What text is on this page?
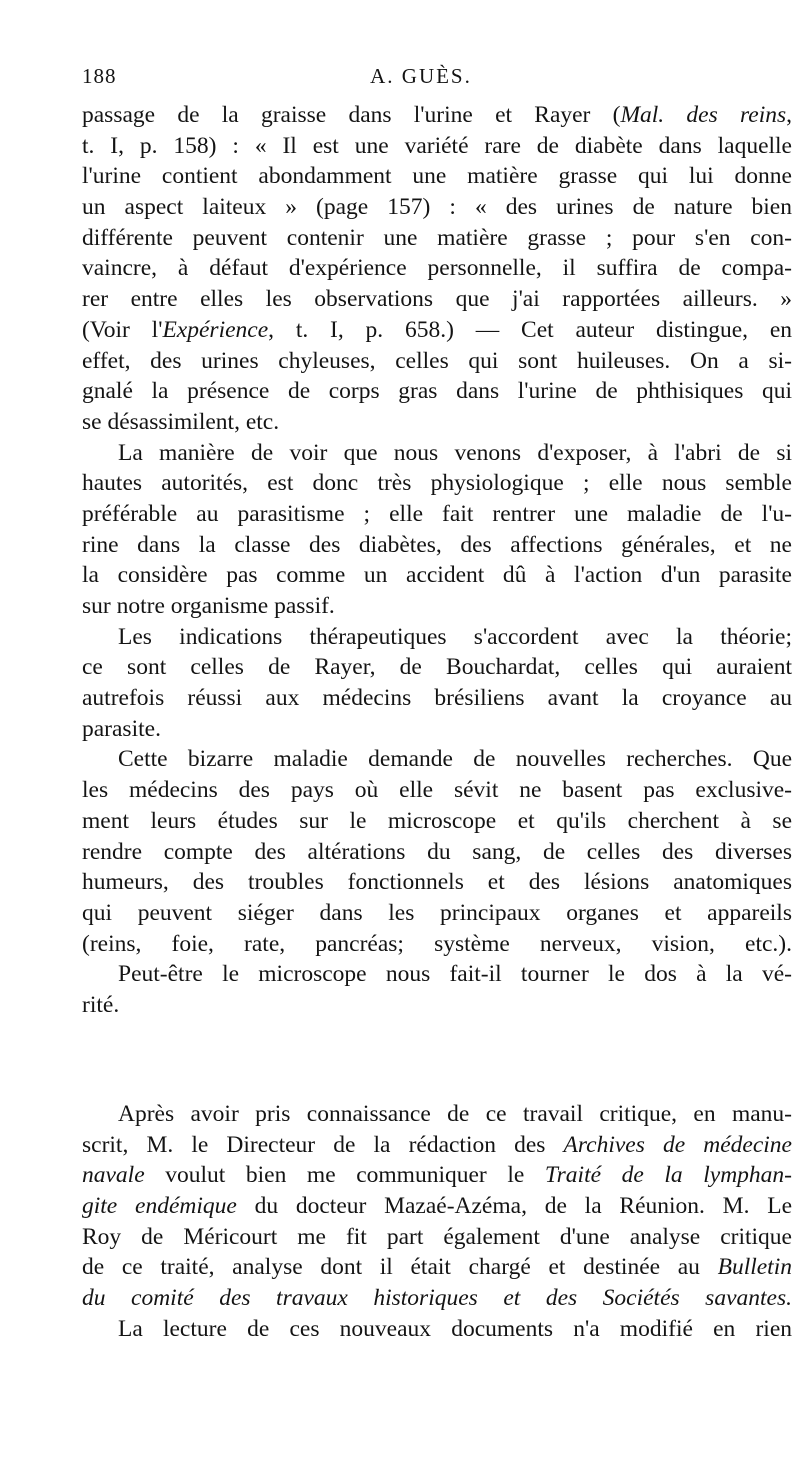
188	A. GUÈS.
passage de la graisse dans l'urine et Rayer (Mal. des reins,
t. I, p. 158) : « Il est une variété rare de diabète dans laquelle
l'urine contient abondamment une matière grasse qui lui donne
un aspect laiteux » (page 157) : « des urines de nature bien
différente peuvent contenir une matière grasse ; pour s'en con-
vaincre, à défaut d'expérience personnelle, il suffira de compa-
rer entre elles les observations que j'ai rapportées ailleurs. »
(Voir l'Expérience, t. I, p. 658.) — Cet auteur distingue, en
effet, des urines chyleuses, celles qui sont huileuses. On a si-
gnalé la présence de corps gras dans l'urine de phthisiques qui
se désassimilent, etc.
La manière de voir que nous venons d'exposer, à l'abri de si
hautes autorités, est donc très physiologique ; elle nous semble
préférable au parasitisme ; elle fait rentrer une maladie de l'u-
rine dans la classe des diabètes, des affections générales, et ne
la considère pas comme un accident dû à l'action d'un parasite
sur notre organisme passif.
Les indications thérapeutiques s'accordent avec la théorie;
ce sont celles de Rayer, de Bouchardat, celles qui auraient
autrefois réussi aux médecins brésiliens avant la croyance au
parasite.
Cette bizarre maladie demande de nouvelles recherches. Que
les médecins des pays où elle sévit ne basent pas exclusive-
ment leurs études sur le microscope et qu'ils cherchent à se
rendre compte des altérations du sang, de celles des diverses
humeurs, des troubles fonctionnels et des lésions anatomiques
qui peuvent siéger dans les principaux organes et appareils
(reins, foie, rate, pancréas; système nerveux, vision, etc.).
Peut-être le microscope nous fait-il tourner le dos à la vé-
rité.
Après avoir pris connaissance de ce travail critique, en manu-
scrit, M. le Directeur de la rédaction des Archives de médecine
navale voulut bien me communiquer le Traité de la lymphan-
gite endémique du docteur Mazaé-Azéma, de la Réunion. M. Le
Roy de Méricourt me fit part également d'une analyse critique
de ce traité, analyse dont il était chargé et destinée au Bulletin
du comité des travaux historiques et des Sociétés savantes.
La lecture de ces nouveaux documents n'a modifié en rien
